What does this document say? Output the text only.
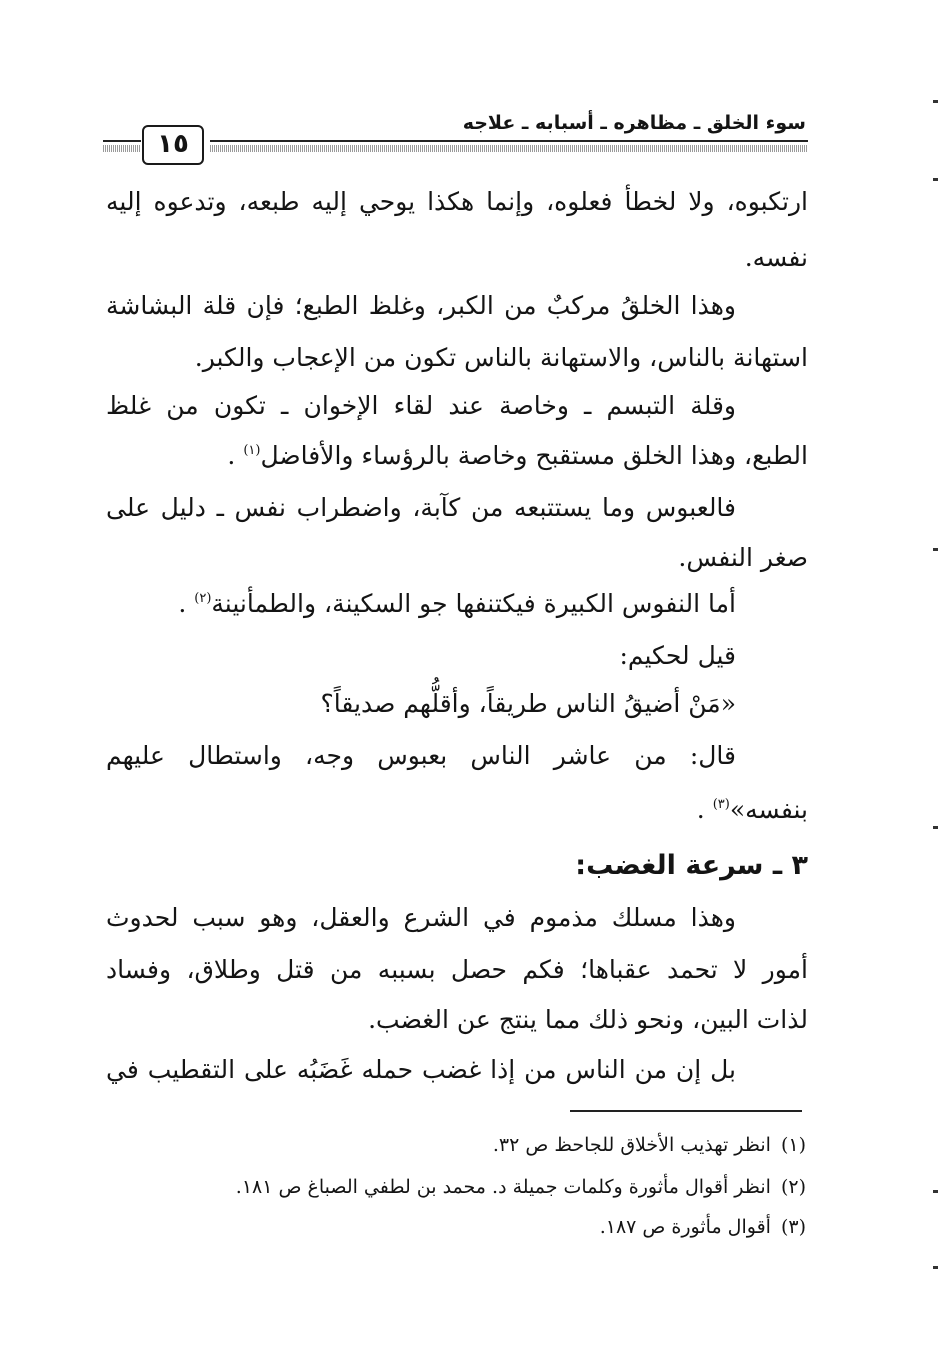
سوء الخلق ـ مظاهره ـ أسبابه ـ علاجه
١٥
ارتكبوه، ولا لخطأ فعلوه، وإنما هكذا يوحي إليه طبعه، وتدعوه إليه
نفسه.
وهذا الخلقُ مركبٌ من الكبر، وغلظ الطبع؛ فإن قلة البشاشة
استهانة بالناس، والاستهانة بالناس تكون من الإعجاب والكبر.
وقلة التبسم ـ وخاصة عند لقاء الإخوان ـ تكون من غلظ
الطبع، وهذا الخلق مستقبح وخاصة بالرؤساء والأفاضل$^{(١)}$ .
فالعبوس وما يستتبعه من كآبة، واضطراب نفس ـ دليل على
صغر النفس.
أما النفوس الكبيرة فيكتنفها جو السكينة، والطمأنينة$^{(٢)}$ .
قيل لحكيم:
«مَنْ أضيقُ الناس طريقاً، وأقلُّهم صديقاً؟
قال: من عاشر الناس بعبوس وجه، واستطال عليهم
بنفسه»$^{(٣)}$ .
٣ ـ سرعة الغضب:
وهذا مسلك مذموم في الشرع والعقل، وهو سبب لحدوث
أمور لا تحمد عقباها؛ فكم حصل بسببه من قتل وطلاق، وفساد
لذات البين، ونحو ذلك مما ينتج عن الغضب.
بل إن من الناس من إذا غضب حمله غَضَبُه على التقطيب في
(١)انظر تهذيب الأخلاق للجاحظ ص ٣٢.
(٢)انظر أقوال مأثورة وكلمات جميلة د. محمد بن لطفي الصباغ ص ١٨١.
(٣)أقوال مأثورة ص ١٨٧.
